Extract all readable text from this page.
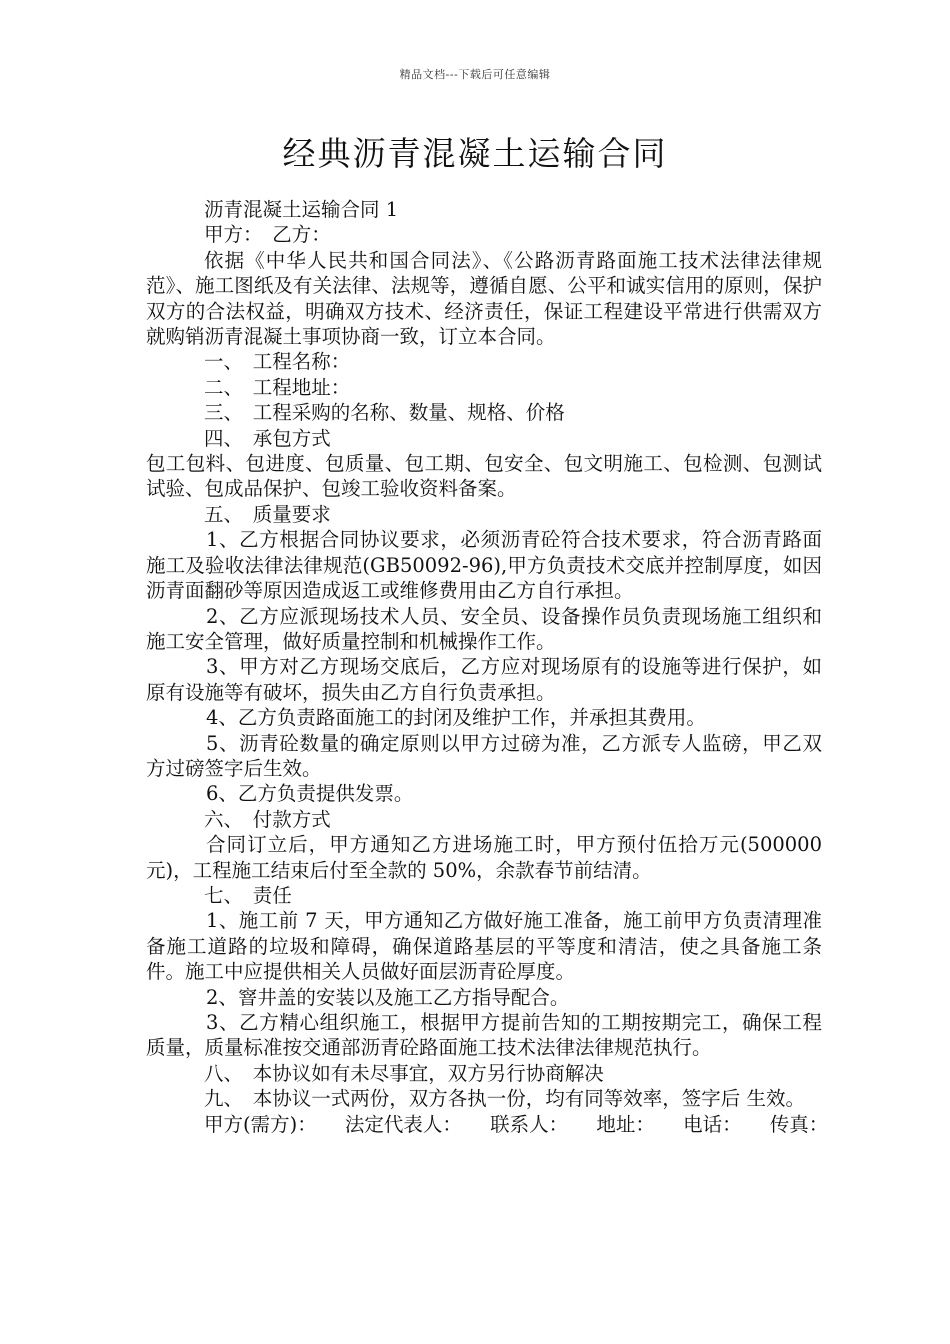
精品文档---下载后可任意编辑
经典沥青混凝土运输合同

沥青混凝土运输合同 1

甲方：　乙方：

依据《中华人民共和国合同法》、《公路沥青路面施工技术法律法律规范》、施工图纸及有关法律、法规等，遵循自愿、公平和诚实信用的原则，保护双方的合法权益，明确双方技术、经济责任，保证工程建设平常进行供需双方就购销沥青混凝土事项协商一致，订立本合同。

一、　工程名称：

二、　工程地址：

三、　工程采购的名称、数量、规格、价格

四、　承包方式

包工包料、包进度、包质量、包工期、包安全、包文明施工、包检测、包测试试验、包成品保护、包竣工验收资料备案。

五、　质量要求

1、乙方根据合同协议要求，必须沥青砼符合技术要求，符合沥青路面施工及验收法律法律规范(GB50092-96),甲方负责技术交底并控制厚度，如因沥青面翻砂等原因造成返工或维修费用由乙方自行承担。

2、乙方应派现场技术人员、安全员、设备操作员负责现场施工组织和施工安全管理，做好质量控制和机械操作工作。

3、甲方对乙方现场交底后，乙方应对现场原有的设施等进行保护，如原有设施等有破坏，损失由乙方自行负责承担。

4、乙方负责路面施工的封闭及维护工作，并承担其费用。

5、沥青砼数量的确定原则以甲方过磅为准，乙方派专人监磅，甲乙双方过磅签字后生效。

6、乙方负责提供发票。

六、　付款方式

合同订立后，甲方通知乙方进场施工时，甲方预付伍拾万元(500000 元)，工程施工结束后付至全款的 50%，余款春节前结清。

七、　责任

1、施工前 7 天，甲方通知乙方做好施工准备，施工前甲方负责清理准备施工道路的垃圾和障碍，确保道路基层的平等度和清洁，使之具备施工条件。施工中应提供相关人员做好面层沥青砼厚度。

2、窨井盖的安装以及施工乙方指导配合。

3、乙方精心组织施工，根据甲方提前告知的工期按期完工，确保工程质量，质量标准按交通部沥青砼路面施工技术法律法律规范执行。

八、　本协议如有未尽事宜，双方另行协商解决

九、　本协议一式两份，双方各执一份，均有同等效率，签字后 生效。

甲方(需方)： 法定代表人： 联系人： 地址： 电话： 传真：
